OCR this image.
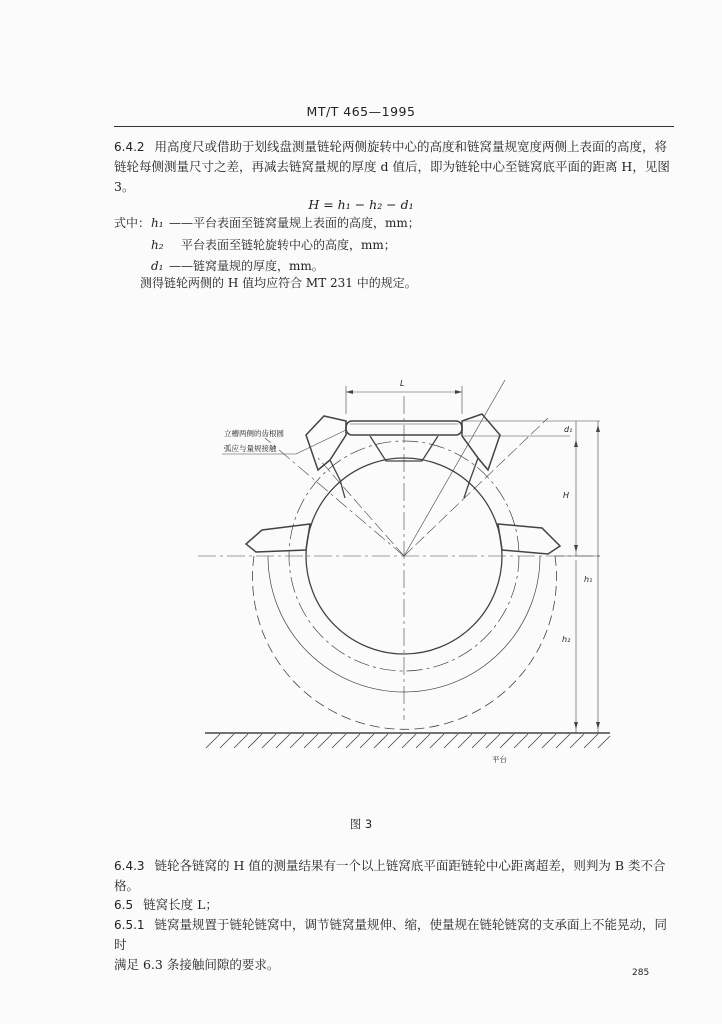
MT/T 465—1995
6.4.2 用高度尺或借助于划线盘测量链轮两侧旋转中心的高度和链窝量规宽度两侧上表面的高度，将
链轮每侧测量尺寸之差，再减去链窝量规的厚度 d 值后，即为链轮中心至链窝底平面的距离 H，见图 3。
H = h₁ − h₂ − d₁
式中： h₁ ——平台表面至链窝量规上表面的高度，mm；
h₂ 　平台表面至链轮旋转中心的高度，mm；
d₁ ——链窝量规的厚度，mm。
测得链轮两侧的 H 值均应符合 MT 231 中的规定。
立槽两侧的齿根圆
弧应与量规接触
L
d₁
H
h₁
h₂
平台
图 3
6.4.3 链轮各链窝的 H 值的测量结果有一个以上链窝底平面距链轮中心距离超差，则判为 B 类不合
格。
6.5 链窝长度 L；
6.5.1 链窝量规置于链轮链窝中，调节链窝量规伸、缩，使量规在链轮链窝的支承面上不能晃动，同时
满足 6.3 条接触间隙的要求。
285
